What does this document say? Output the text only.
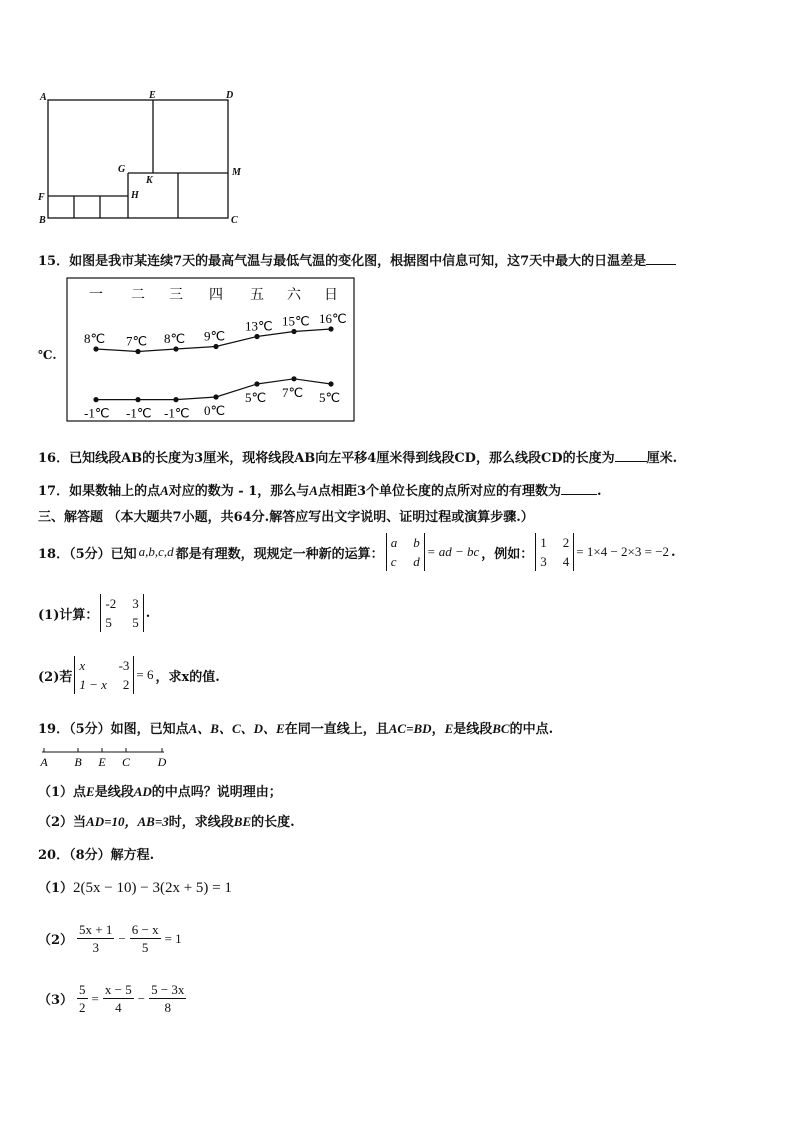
A	E	D
G
K
M
F	H
B	C
15．如图是我市某连续7天的最高气温与最低气温的变化图，根据图中信息可知，这7天中最大的日温差是
℃.
一 二 三 四 五 六 日
8℃ 7℃ 8℃ 9℃
13℃ 15℃ 16℃
-1℃ -1℃ -1℃ 0℃
5℃ 7℃ 5℃
16．已知线段AB的长度为3厘米，现将线段AB向左平移4厘米得到线段CD，那么线段CD的长度为 厘米.
17．如果数轴上的点A对应的数为 - 1，那么与A点相距3个单位长度的点所对应的有理数为	.
三、解答题 （本大题共7小题，共64分.解答应写出文字说明、证明过程或演算步骤.）
18．（5分）已知 a,b,c,d 都是有理数，现规定一种新的运算：
a b
c d
= ad − bc ，例如：
1 2
3 4
= 1×4 − 2×3 = −2 .
(1)计算：
-2 3
5 5
.
(2)若
x	-3
1 − x 2
= 6 ，求x的值.
19．（5分）如图，已知点A、B、C、D、E在同一直线上，且AC=BD，E是线段BC的中点.
A B E C D
（1）点E是线段AD的中点吗？说明理由；
（2）当AD=10，AB=3时，求线段BE的长度.
20．（8分）解方程.
（1）2(5x − 10) − 3(2x + 5) = 1
$(2) \frac{5x + 1}{3} - \frac{6 - x}{5} = 1$
$(3) \frac{5}{2} = \frac{x - 5}{4} - \frac{5 - 3x}{8}$
